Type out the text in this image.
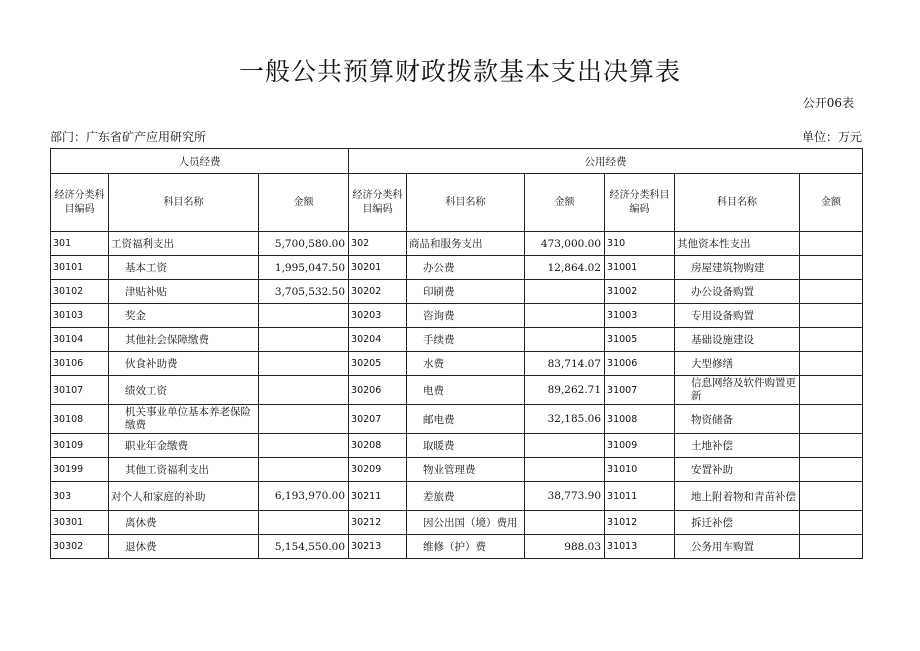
一般公共预算财政拨款基本支出决算表
公开06表
部门：广东省矿产应用研究所	单位：万元
人员经费			公用经费					
经济分类科目编码	科目名称	金额	经济分类科目编码	科目名称	金额	经济分类科目编码	科目名称	金额
301	工资福利支出	5,700,580.00	302	商品和服务支出	473,000.00	310	其他资本性支出	
30101	基本工资	1,995,047.50	30201	办公费	12,864.02	31001	房屋建筑物购建	
30102	津贴补贴	3,705,532.50	30202	印刷费		31002	办公设备购置	
30103	奖金		30203	咨询费		31003	专用设备购置	
30104	其他社会保障缴费		30204	手续费		31005	基础设施建设	
30106	伙食补助费		30205	水费	83,714.07	31006	大型修缮	
30107	绩效工资		30206	电费	89,262.71	31007	信息网络及软件购置更新	
30108	机关事业单位基本养老保险缴费		30207	邮电费	32,185.06	31008	物资储备	
30109	职业年金缴费		30208	取暖费		31009	土地补偿	
30199	其他工资福利支出		30209	物业管理费		31010	安置补助	
303	对个人和家庭的补助	6,193,970.00	30211	差旅费	38,773.90	31011	地上附着物和青苗补偿	
30301	离休费		30212	因公出国（境）费用		31012	拆迁补偿	
30302	退休费	5,154,550.00	30213	维修（护）费	988.03	31013	公务用车购置	
